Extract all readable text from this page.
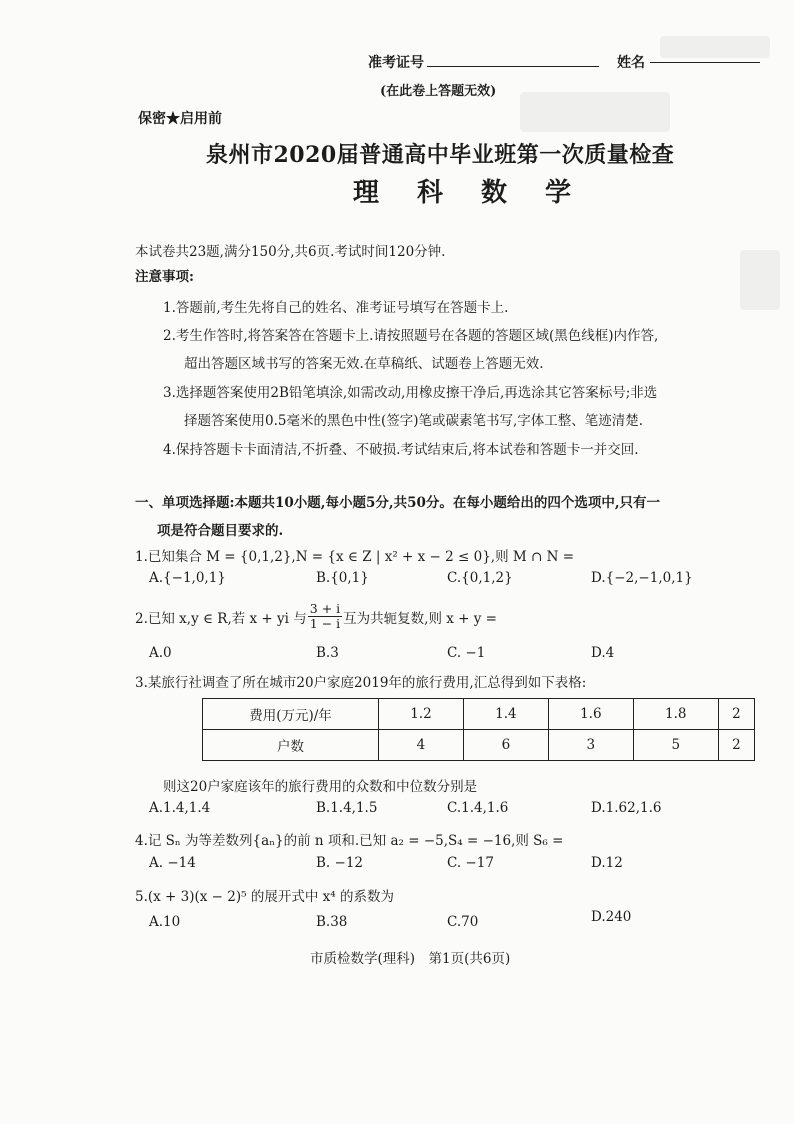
准考证号	姓名
(在此卷上答题无效)
保密★启用前
泉州市2020届普通高中毕业班第一次质量检查
理　科　数　学
本试卷共23题,满分150分,共6页.考试时间120分钟.
注意事项:
1.答题前,考生先将自己的姓名、准考证号填写在答题卡上.
2.考生作答时,将答案答在答题卡上.请按照题号在各题的答题区域(黑色线框)内作答,
超出答题区域书写的答案无效.在草稿纸、试题卷上答题无效.
3.选择题答案使用2B铅笔填涂,如需改动,用橡皮擦干净后,再选涂其它答案标号;非选
择题答案使用0.5毫米的黑色中性(签字)笔或碳素笔书写,字体工整、笔迹清楚.
4.保持答题卡卡面清洁,不折叠、不破损.考试结束后,将本试卷和答题卡一并交回.
一、单项选择题:本题共10小题,每小题5分,共50分。在每小题给出的四个选项中,只有一
项是符合题目要求的.
1.已知集合 M = {0,1,2},N = {x ∈ Z | x² + x − 2 ≤ 0},则 M ∩ N =
A.{−1,0,1}	B.{0,1}	C.{0,1,2}	D.{−2,−1,0,1}
2.已知 x,y ∈ R,若 x + yi 与 $\frac{3 + i}{1 - i}$ 互为共轭复数,则 x + y =
A.0	B.3	C. −1	D.4
3.某旅行社调查了所在城市20户家庭2019年的旅行费用,汇总得到如下表格:
费用(万元)/年	1.2	1.4	1.6	1.8	2
户数	4	6	3	5	2
则这20户家庭该年的旅行费用的众数和中位数分别是
A.1.4,1.4	B.1.4,1.5	C.1.4,1.6	D.1.62,1.6
4.记 Sₙ 为等差数列{aₙ}的前 n 项和.已知 a₂ = −5,S₄ = −16,则 S₆ =
A. −14	B. −12	C. −17	D.12
5.(x + 3)(x − 2)⁵ 的展开式中 x⁴ 的系数为
A.10	B.38	C.70	D.240
市质检数学(理科)　第1页(共6页)
